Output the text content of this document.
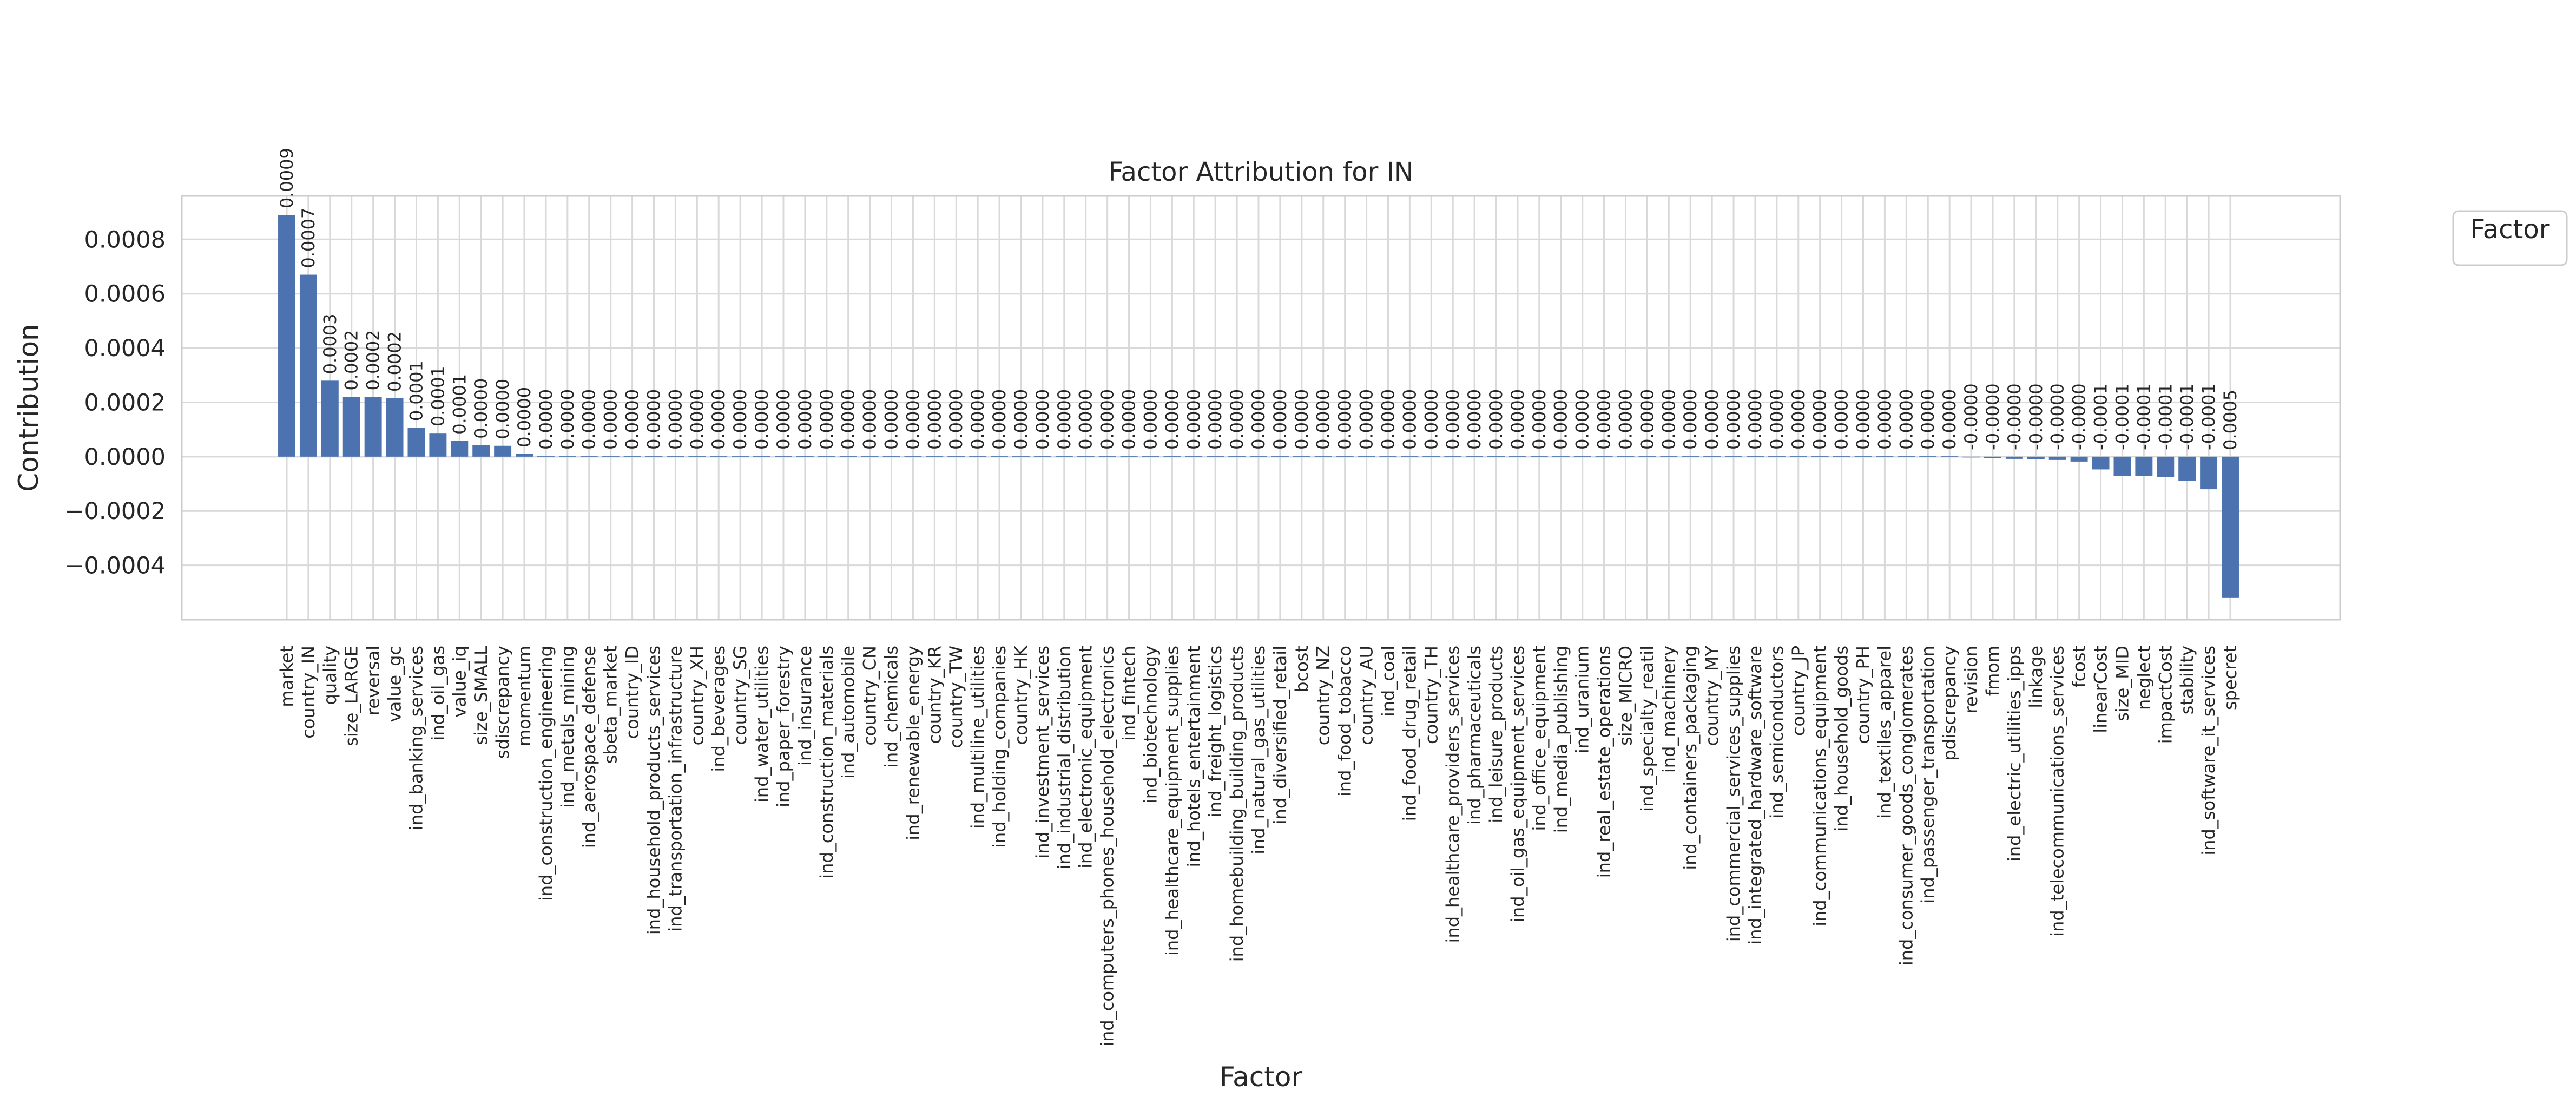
0.0009
0.0007
0.0003 0.0002 0.0002 0.0002 0.0001 0.0001 0.0001 0.0000 0.0000 0.0000 0.0000 0.0000 0.0000 0.0000 0.0000 0.0000 0.0000 0.0000 0.0000 0.0000 0.0000 0.0000 0.0000 0.0000 0.0000 0.0000 0.0000 0.0000 0.0000 0.0000 0.0000 0.0000 0.0000 0.0000 0.0000 0.0000 0.0000 0.0000 0.0000 0.0000 0.0000 0.0000 0.0000 0.0000 0.0000 0.0000 0.0000 0.0000 0.0000 0.0000 0.0000 0.0000 0.0000 0.0000 0.0000 0.0000 0.0000 0.0000 0.0000 0.0000 0.0000 0.0000 0.0000 0.0000 0.0000 0.0000 0.0000 0.0000 0.0000 0.0000 0.0000 0.0000 0.0000 0.0000 0.0000 0.0000 -0.0000 -0.0000 -0.0000 -0.0000 -0.0000 -0.0000 -0.0001 -0.0001 -0.0001 -0.0001 -0.0001 -0.0001 0.0005
−0.0004
−0.0002
0.0000
0.0002
0.0004
0.0006
0.0008
market country_IN quality size_LARGE reversal value_gc ind_banking_services ind_oil_gas value_iq size_SMALL sdiscrepancy momentum ind_construction_engineering ind_metals_mining ind_aerospace_defense sbeta_market country_ID ind_household_products_services ind_transportation_infrastructure country_XH ind_beverages country_SG ind_water_utilities ind_paper_forestry ind_insurance ind_construction_materials ind_automobile country_CN ind_chemicals ind_renewable_energy country_KR country_TW ind_multiline_utilities ind_holding_companies country_HK ind_investment_services ind_industrial_distribution ind_electronic_equipment ind_computers_phones_household_electronics ind_fintech ind_biotechnology ind_healthcare_equipment_supplies ind_hotels_entertainment ind_freight_logistics ind_homebuilding_building_products ind_natural_gas_utilities ind_diversified_retail bcost country_NZ ind_food_tobacco country_AU ind_coal ind_food_drug_retail country_TH ind_healthcare_providers_services ind_pharmaceuticals ind_leisure_products ind_oil_gas_equipment_services ind_office_equipment ind_media_publishing ind_uranium ind_real_estate_operations size_MICRO ind_specialty_reatil ind_machinery ind_containers_packaging country_MY ind_commercial_services_supplies ind_integrated_hardware_software ind_semiconductors country_JP ind_communications_equipment ind_household_goods country_PH ind_textiles_apparel ind_consumer_goods_conglomerates ind_passenger_transportation pdiscrepancy revision fmom ind_electric_utilities_ipps linkage ind_telecommunications_services fcost linearCost size_MID neglect impactCost stability ind_software_it_services specret
Factor Attribution for IN
Factor
Contribution
Factor
